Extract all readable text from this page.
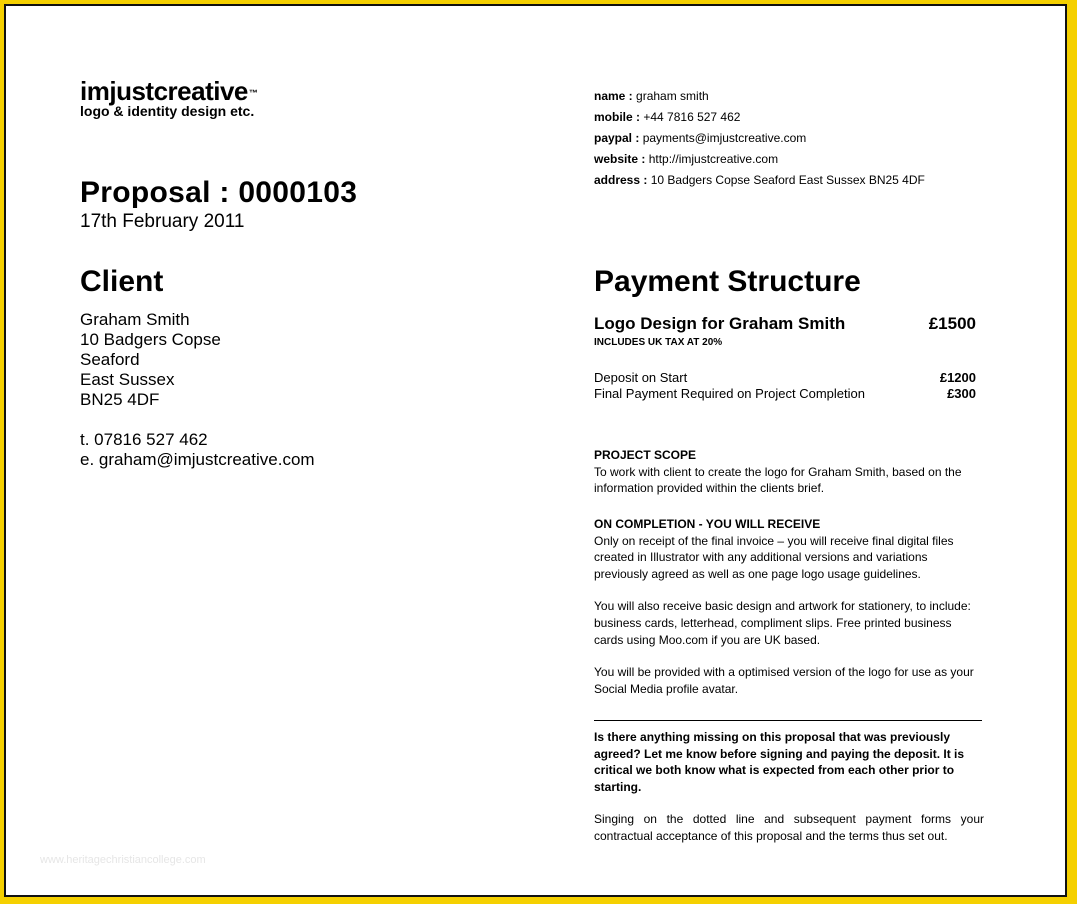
imjustcreative™
logo & identity design etc.
name : graham smith
mobile : +44 7816 527 462
paypal : payments@imjustcreative.com
website : http://imjustcreative.com
address : 10 Badgers Copse Seaford East Sussex BN25 4DF
Proposal : 0000103
17th February 2011
Client
Graham Smith
10 Badgers Copse
Seaford
East Sussex
BN25 4DF
t. 07816 527 462
e. graham@imjustcreative.com
Payment Structure
Logo Design for Graham Smith	£1500
INCLUDES UK TAX AT 20%
Deposit on Start	£1200
Final Payment Required on Project Completion	£300
PROJECT SCOPE
To work with client to create the logo for Graham Smith, based on the information provided within the clients brief.
ON COMPLETION - YOU WILL RECEIVE
Only on receipt of the final invoice – you will receive final digital files created in Illustrator with any additional versions and variations previously agreed as well as one page logo usage guidelines.
You will also receive basic design and artwork for stationery, to include: business cards, letterhead, compliment slips. Free printed business cards using Moo.com if you are UK based.
You will be provided with a optimised version of the logo for use as your Social Media profile avatar.
Is there anything missing on this proposal that was previously agreed? Let me know before signing and paying the deposit. It is critical we both know what is expected from each other prior to starting.
Singing on the dotted line and subsequent payment forms your contractual acceptance of this proposal and the terms thus set out.
www.heritagechristiancollege.com
